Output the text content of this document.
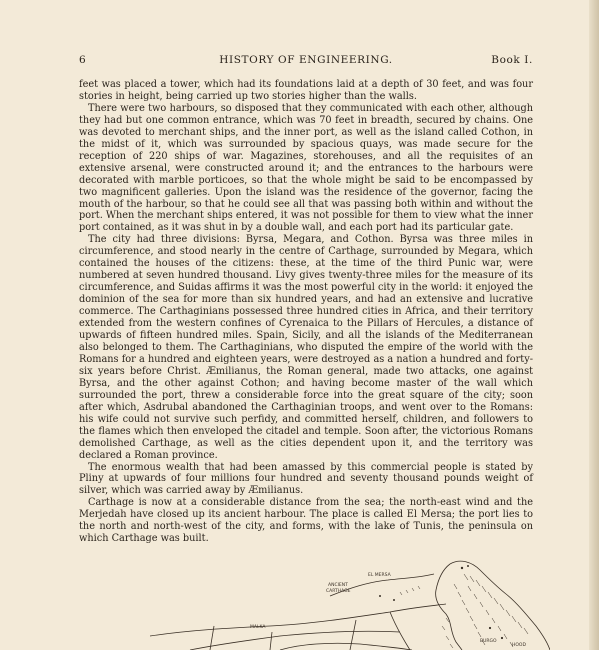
6	HISTORY OF ENGINEERING.	Book I.

feet was placed a tower, which had its foundations laid at a depth of 30 feet, and was four stories in height, being carried up two stories higher than the walls.

There were two harbours, so disposed that they communicated with each other, although they had but one common entrance, which was 70 feet in breadth, secured by chains. One was devoted to merchant ships, and the inner port, as well as the island called Cothon, in the midst of it, which was surrounded by spacious quays, was made secure for the reception of 220 ships of war. Magazines, storehouses, and all the requisites of an extensive arsenal, were constructed around it; and the entrances to the harbours were decorated with marble porticoes, so that the whole might be said to be encompassed by two magnificent galleries. Upon the island was the residence of the governor, facing the mouth of the harbour, so that he could see all that was passing both within and without the port. When the merchant ships entered, it was not possible for them to view what the inner port contained, as it was shut in by a double wall, and each port had its particular gate.

The city had three divisions: Byrsa, Megara, and Cothon. Byrsa was three miles in circumference, and stood nearly in the centre of Carthage, surrounded by Megara, which contained the houses of the citizens: these, at the time of the third Punic war, were numbered at seven hundred thousand. Livy gives twenty-three miles for the measure of its circumference, and Suidas affirms it was the most powerful city in the world: it enjoyed the dominion of the sea for more than six hundred years, and had an extensive and lucrative commerce. The Carthaginians possessed three hundred cities in Africa, and their territory extended from the western confines of Cyrenaica to the Pillars of Hercules, a distance of upwards of fifteen hundred miles. Spain, Sicily, and all the islands of the Mediterranean also belonged to them. The Carthaginians, who disputed the empire of the world with the Romans for a hundred and eighteen years, were destroyed as a nation a hundred and forty-six years before Christ. Æmilianus, the Roman general, made two attacks, one against Byrsa, and the other against Cothon; and having become master of the wall which surrounded the port, threw a considerable force into the great square of the city; soon after which, Asdrubal abandoned the Carthaginian troops, and went over to the Romans: his wife could not survive such perfidy, and committed herself, children, and followers to the flames which then enveloped the citadel and temple. Soon after, the victorious Romans demolished Carthage, as well as the cities dependent upon it, and the territory was declared a Roman province.

The enormous wealth that had been amassed by this commercial people is stated by Pliny at upwards of four millions four hundred and seventy thousand pounds weight of silver, which was carried away by Æmilianus.

Carthage is now at a considerable distance from the sea; the north-east wind and the Merjedah have closed up its ancient harbour. The place is called El Mersa; the port lies to the north and north-west of the city, and forms, with the lake of Tunis, the peninsula on which Carthage was built.

ANCIENT
CARTHAGE
EL MERSA
BURGO
MALKA
HOOD
